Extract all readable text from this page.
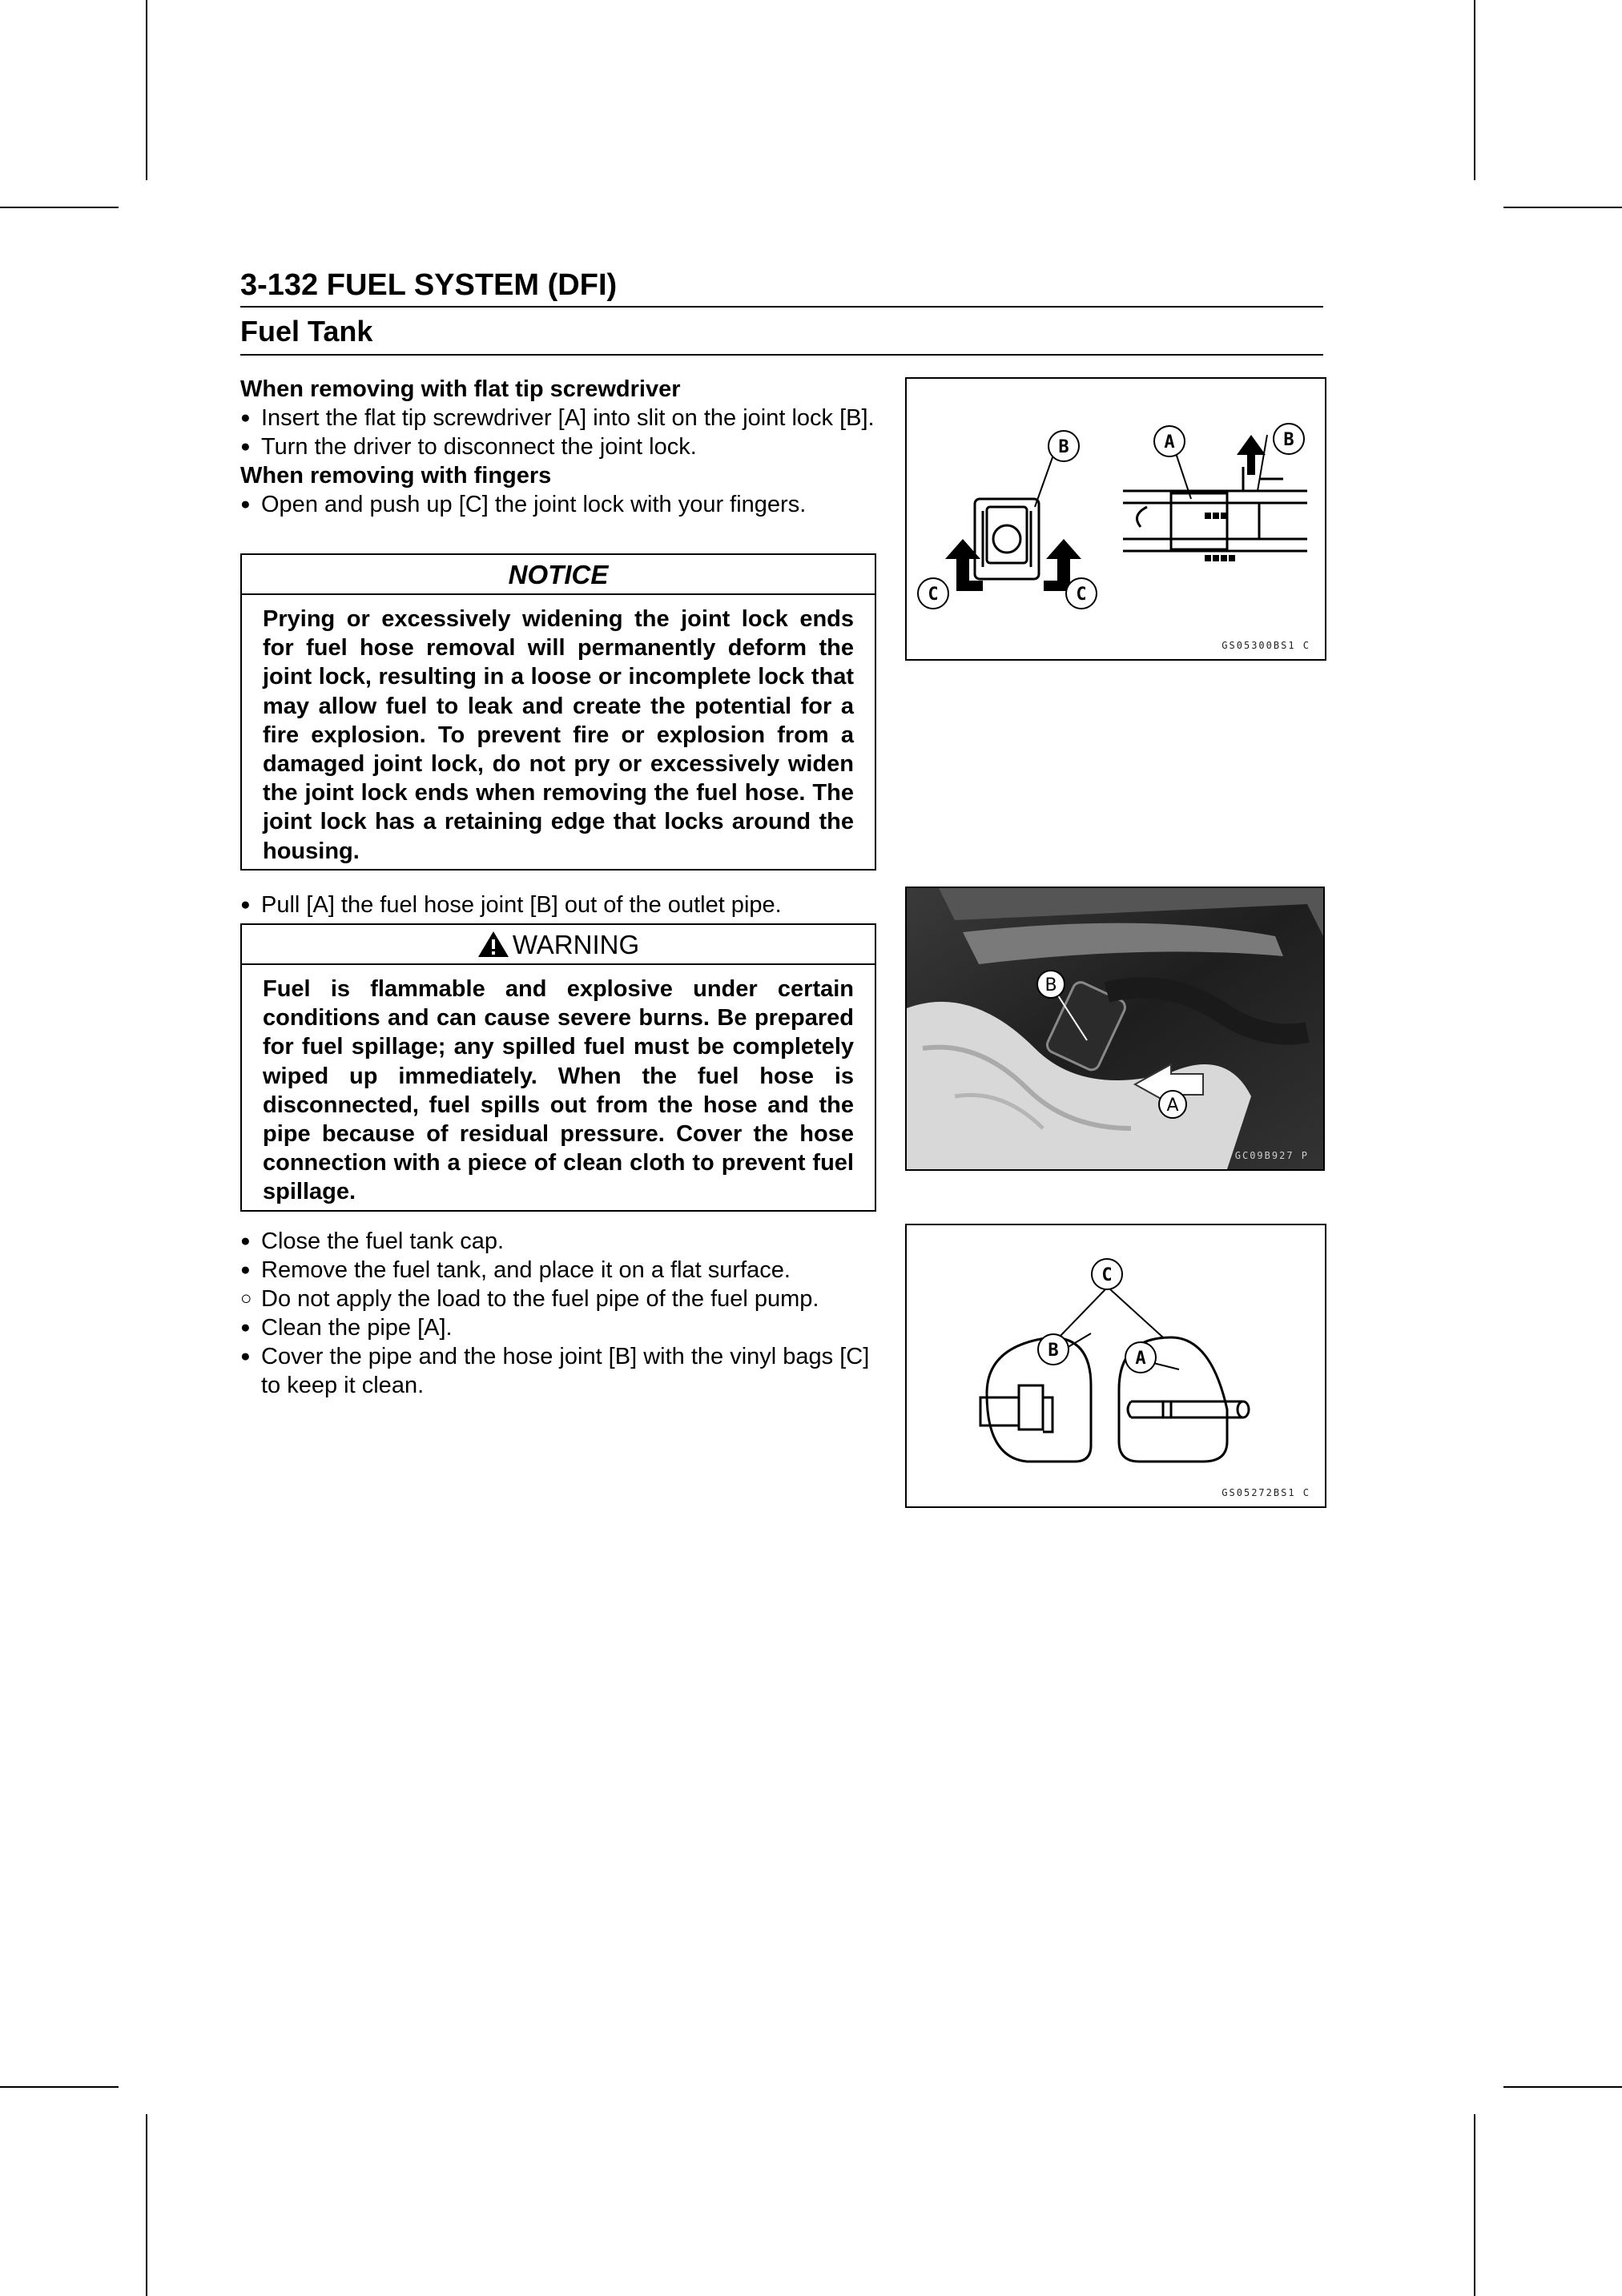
3-132 FUEL SYSTEM (DFI)
Fuel Tank
When removing with flat tip screwdriver
● Insert the flat tip screwdriver [A] into slit on the joint lock [B].
● Turn the driver to disconnect the joint lock.
When removing with fingers
● Open and push up [C] the joint lock with your fingers.
NOTICE
Prying or excessively widening the joint lock ends for fuel hose removal will permanently deform the joint lock, resulting in a loose or incomplete lock that may allow fuel to leak and create the potential for a fire explosion. To prevent fire or explosion from a damaged joint lock, do not pry or excessively widen the joint lock ends when removing the fuel hose. The joint lock has a retaining edge that locks around the housing.
● Pull [A] the fuel hose joint [B] out of the outlet pipe.
WARNING
Fuel is flammable and explosive under certain conditions and can cause severe burns. Be prepared for fuel spillage; any spilled fuel must be completely wiped up immediately. When the fuel hose is disconnected, fuel spills out from the hose and the pipe because of residual pressure. Cover the hose connection with a piece of clean cloth to prevent fuel spillage.
● Close the fuel tank cap.
● Remove the fuel tank, and place it on a flat surface.
○ Do not apply the load to the fuel pipe of the fuel pump.
● Clean the pipe [A].
● Cover the pipe and the hose joint [B] with the vinyl bags [C] to keep it clean.
B	A	B
C	C
GS05300BS1 C
B
A
GC09B927 P
C
B	A
GS05272BS1 C
